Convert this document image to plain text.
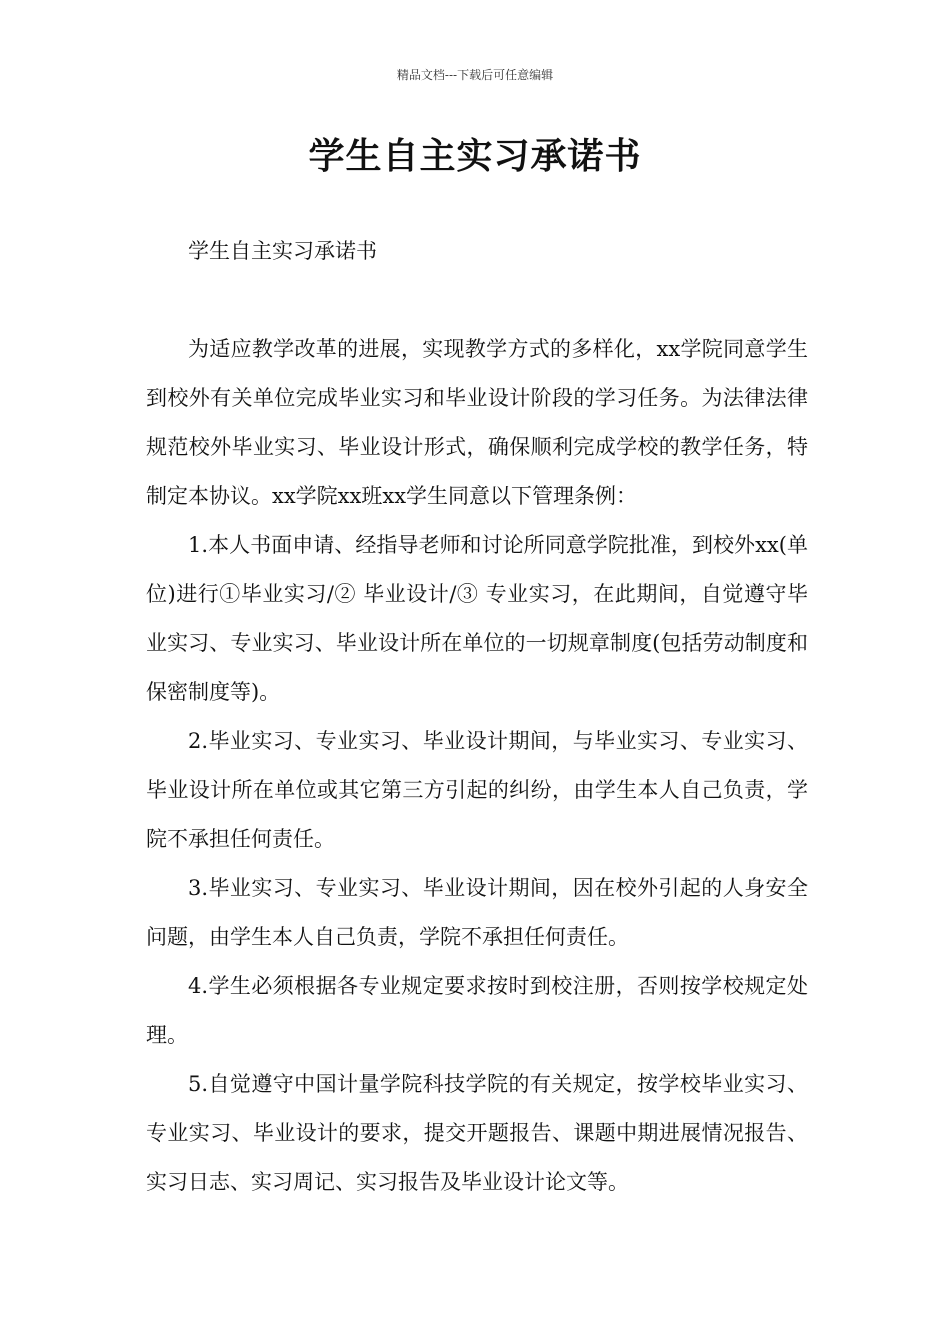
精品文档---下载后可任意编辑
学生自主实习承诺书

学生自主实习承诺书

为适应教学改革的进展，实现教学方式的多样化，xx学院同意学生到校外有关单位完成毕业实习和毕业设计阶段的学习任务。为法律法律规范校外毕业实习、毕业设计形式，确保顺利完成学校的教学任务，特制定本协议。xx学院xx班xx学生同意以下管理条例：

1.本人书面申请、经指导老师和讨论所同意学院批准，到校外xx(单位)进行①毕业实习/② 毕业设计/③ 专业实习，在此期间，自觉遵守毕业实习、专业实习、毕业设计所在单位的一切规章制度(包括劳动制度和保密制度等)。

2.毕业实习、专业实习、毕业设计期间，与毕业实习、专业实习、毕业设计所在单位或其它第三方引起的纠纷，由学生本人自己负责，学院不承担任何责任。

3.毕业实习、专业实习、毕业设计期间，因在校外引起的人身安全问题，由学生本人自己负责，学院不承担任何责任。

4.学生必须根据各专业规定要求按时到校注册，否则按学校规定处理。

5.自觉遵守中国计量学院科技学院的有关规定，按学校毕业实习、专业实习、毕业设计的要求，提交开题报告、课题中期进展情况报告、实习日志、实习周记、实习报告及毕业设计论文等。
